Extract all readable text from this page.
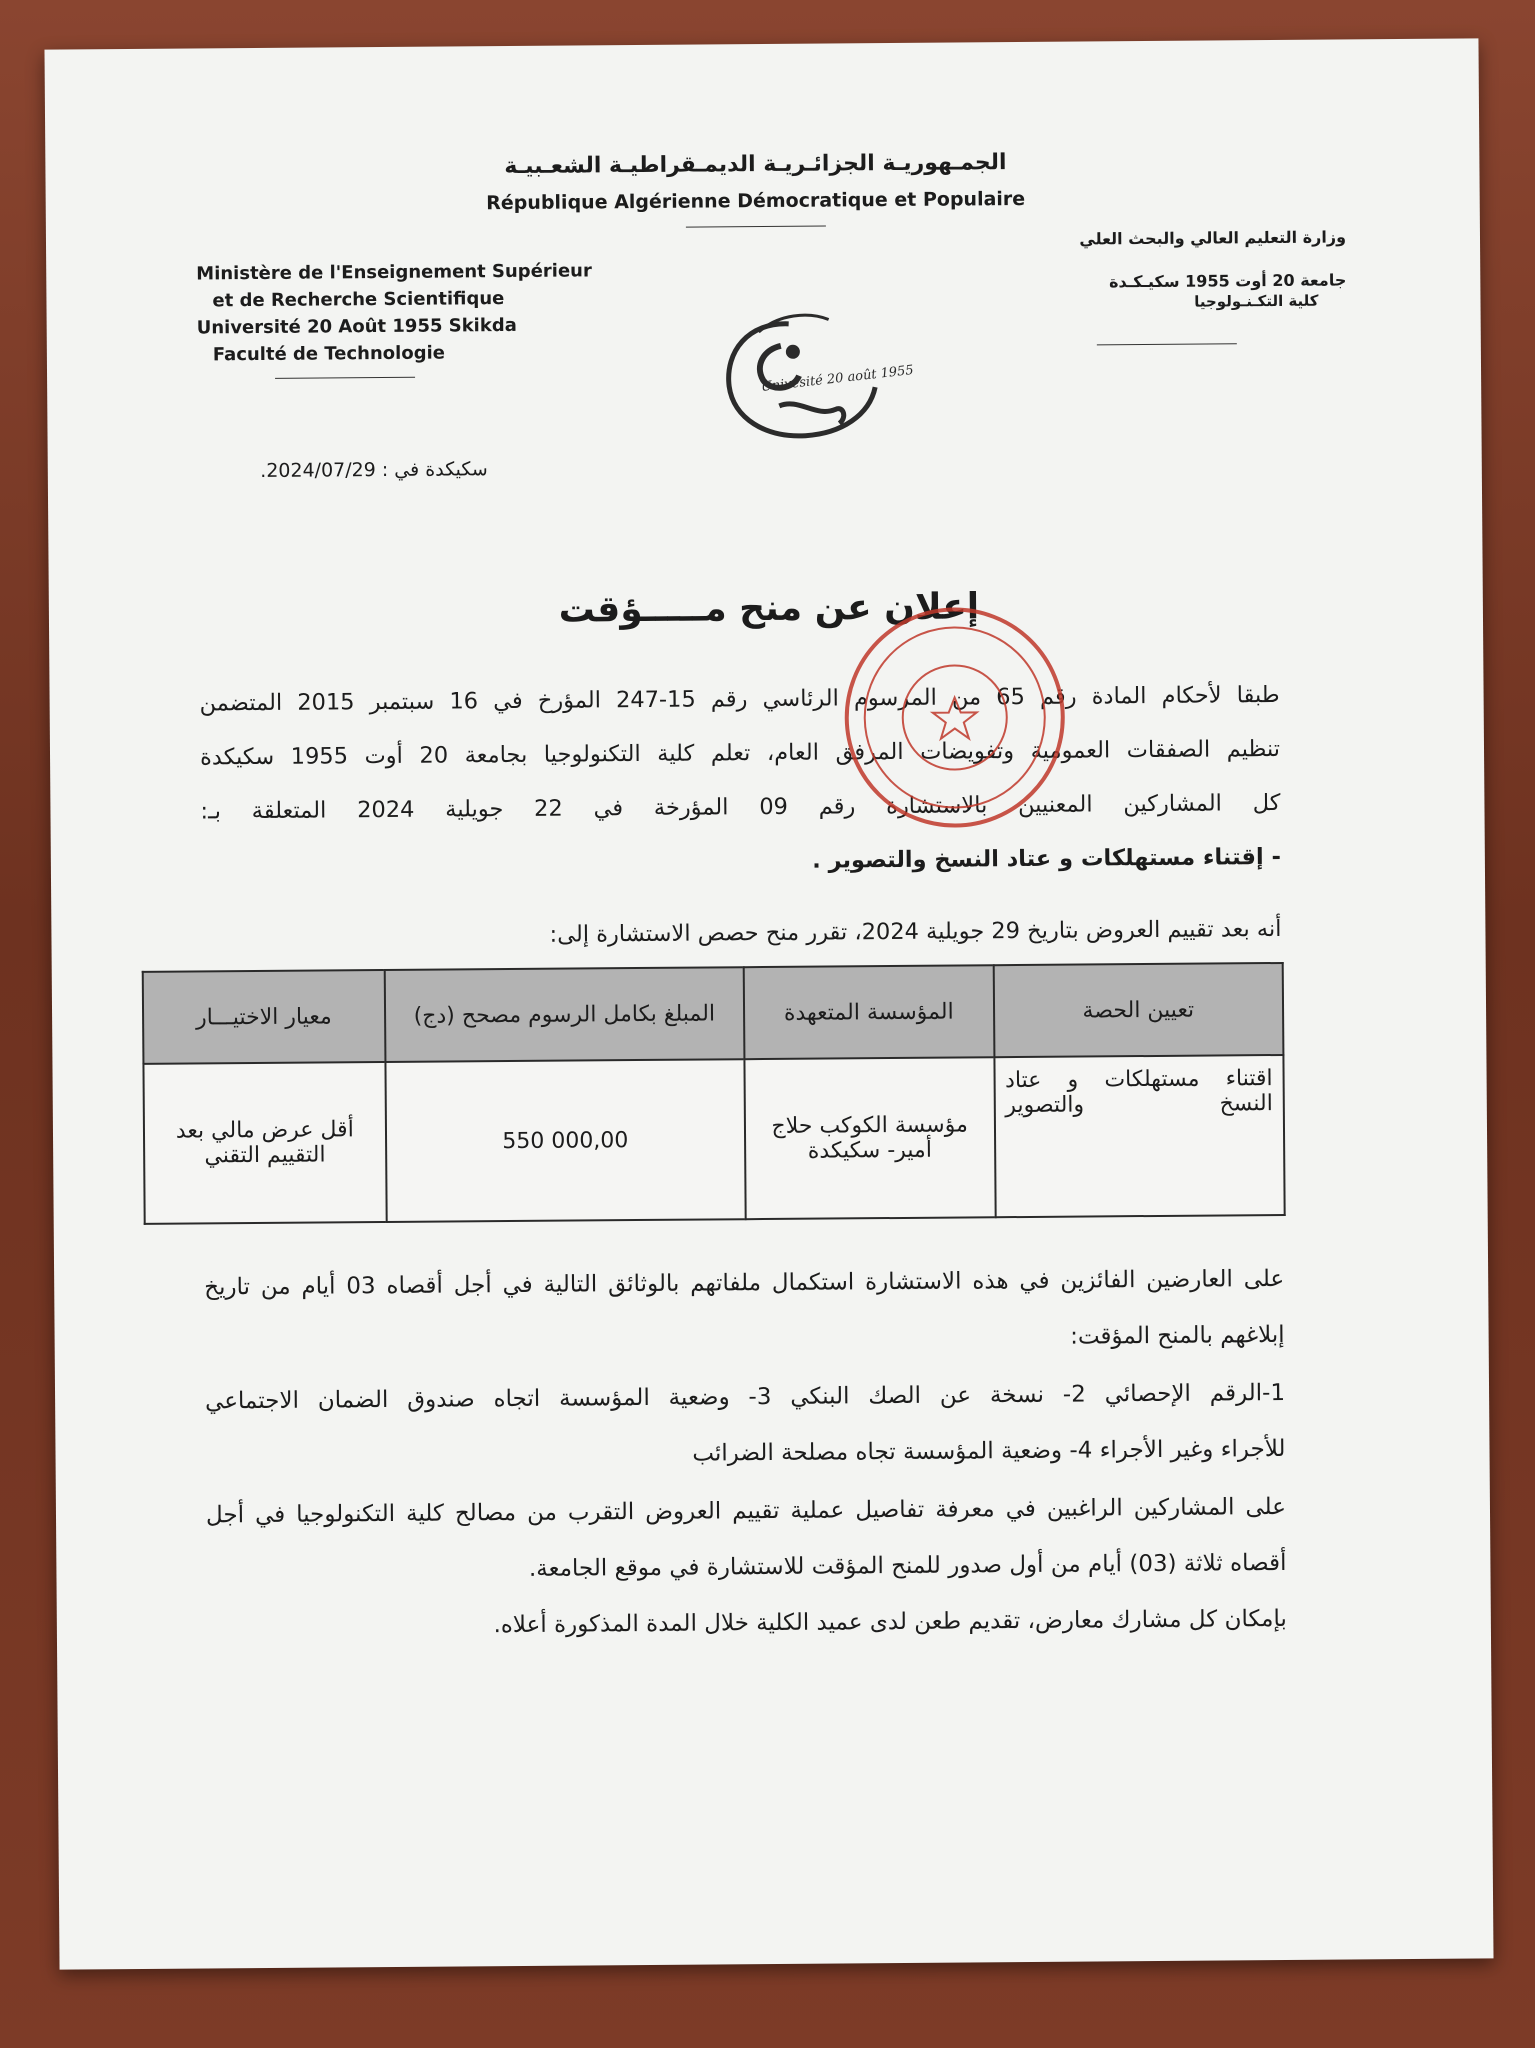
الجمـهوريـة الجزائـريـة الديمـقراطيـة الشعـبيـة
République Algérienne Démocratique et Populaire
Ministère de l'Enseignement Supérieur
et de Recherche Scientifique
Université 20 Août 1955 Skikda
Faculté de Technologie
وزارة التعليم العالي والبحث العلي
جامعة 20 أوت 1955 سكيـكـدة
كلية التكـنـولوجيا
Univesité 20 août 1955
سكيكدة في : 2024/07/29.
إعلان عن منح مـــــؤقت
طبقا لأحكام المادة رقم 65 من المرسوم الرئاسي رقم 15-247 المؤرخ في 16 سبتمبر 2015 المتضمن
تنظيم الصفقات العمومية وتفويضات المرفق العام، تعلم كلية التكنولوجيا بجامعة 20 أوت 1955 سكيكدة
كل المشاركين المعنيين بالاستشارة رقم 09 المؤرخة في 22 جويلية 2024 المتعلقة بـ:
- إقتناء مستهلكات و عتاد النسخ والتصوير .
أنه بعد تقييم العروض بتاريخ 29 جويلية 2024، تقرر منح حصص الاستشارة إلى:
تعيين الحصة	المؤسسة المتعهدة	المبلغ بكامل الرسوم مصحح (دج)	معيار الاختيـــار
اقتناء مستهلكات و عتاد النسخ والتصوير	مؤسسة الكوكب حلاج أمير- سكيكدة	550 000,00	أقل عرض مالي بعد التقييم التقني
على العارضين الفائزين في هذه الاستشارة استكمال ملفاتهم بالوثائق التالية في أجل أقصاه 03 أيام من تاريخ
إبلاغهم بالمنح المؤقت:
1-الرقم الإحصائي 2- نسخة عن الصك البنكي 3- وضعية المؤسسة اتجاه صندوق الضمان الاجتماعي
للأجراء وغير الأجراء 4- وضعية المؤسسة تجاه مصلحة الضرائب
على المشاركين الراغبين في معرفة تفاصيل عملية تقييم العروض التقرب من مصالح كلية التكنولوجيا في أجل
أقصاه ثلاثة (03) أيام من أول صدور للمنح المؤقت للاستشارة في موقع الجامعة.
بإمكان كل مشارك معارض، تقديم طعن لدى عميد الكلية خلال المدة المذكورة أعلاه.
